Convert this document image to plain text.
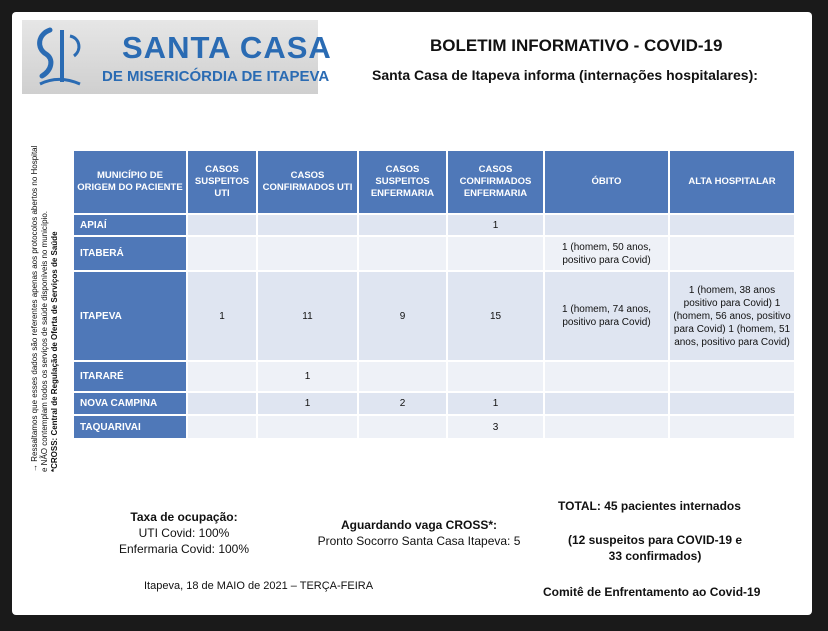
SANTA CASA
DE MISERICÓRDIA DE ITAPEVA
BOLETIM INFORMATIVO - COVID-19
Santa Casa de Itapeva informa (internações hospitalares):
→ Ressaltamos que esses dados são referentes apenas aos protocolos abertos no Hospital e NÃO contemplam todos os serviços de saúde disponíveis no município. *CROSS: Central de Regulação de Oferta de Serviços de Saúde
MUNICÍPIO DE ORIGEM DO PACIENTE	CASOS SUSPEITOS UTI	CASOS CONFIRMADOS UTI	CASOS SUSPEITOS ENFERMARIA	CASOS CONFIRMADOS ENFERMARIA	ÓBITO	ALTA HOSPITALAR
APIAÍ				1		
ITABERÁ					1 (homem, 50 anos, positivo para Covid)	
ITAPEVA	1	11	9	15	1 (homem, 74 anos, positivo para Covid)	1 (homem, 38 anos positivo para Covid) 1 (homem, 56 anos, positivo para Covid) 1 (homem, 51 anos, positivo para Covid)
ITARARÉ		1				
NOVA CAMPINA		1	2	1		
TAQUARIVAI				3		
Taxa de ocupação:
UTI Covid: 100%
Enfermaria Covid: 100%
Aguardando vaga CROSS*:
Pronto Socorro Santa Casa Itapeva: 5
TOTAL: 45 pacientes internados
(12 suspeitos para COVID-19 e
33 confirmados)
Itapeva, 18 de MAIO de 2021 – TERÇA-FEIRA	Comitê de Enfrentamento ao Covid-19
